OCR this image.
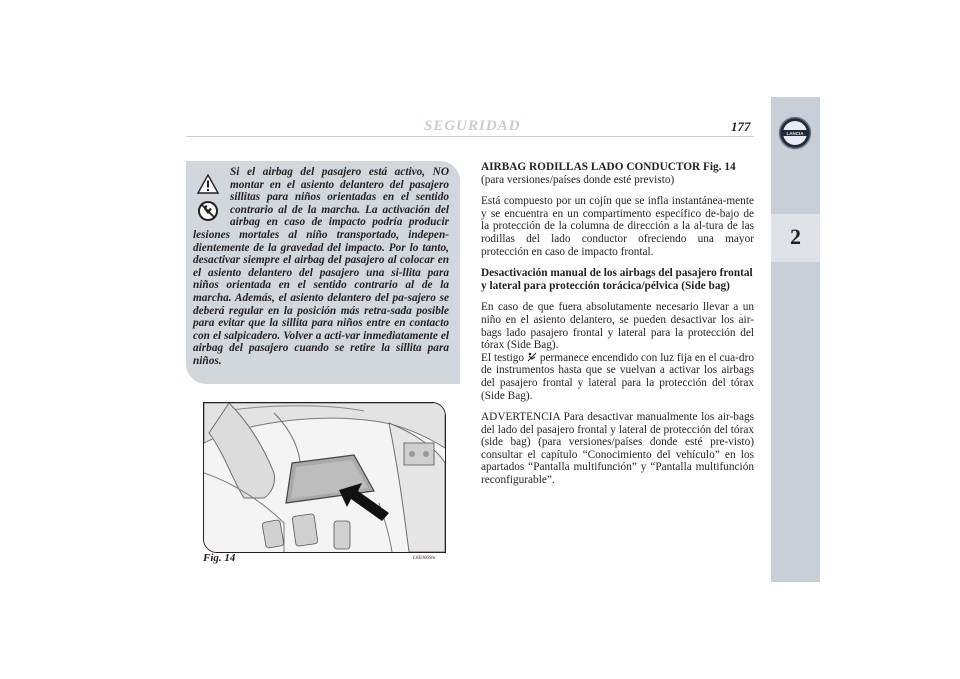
SEGURIDAD	177	LANCIA
2

Si el airbag del pasajero está activo, NO montar en el asiento delantero del pasajero sillitas para niños orientadas en el sentido contrario al de la marcha. La activación del airbag en caso de impacto podría producir lesiones mortales al niño transportado, indepen-dientemente de la gravedad del impacto. Por lo tanto, desactivar siempre el airbag del pasajero al colocar en el asiento delantero del pasajero una si-llita para niños orientada en el sentido contrario al de la marcha. Además, el asiento delantero del pa-sajero se deberá regular en la posición más retra-sada posible para evitar que la sillita para niños entre en contacto con el salpicadero. Volver a acti-var inmediatamente el airbag del pasajero cuando se retire la sillita para niños.

Fig. 14	L0E0069m
AIRBAG RODILLAS LADO CONDUCTOR Fig. 14

(para versiones/países donde esté previsto)

Está compuesto por un cojín que se infla instantánea-mente y se encuentra en un compartimento específico de-bajo de la protección de la columna de dirección a la al-tura de las rodillas del lado conductor ofreciendo una mayor protección en caso de impacto frontal.

Desactivación manual de los airbags del pasajero frontal y lateral para protección torácica/pélvica (Side bag)

En caso de que fuera absolutamente necesario llevar a un niño en el asiento delantero, se pueden desactivar los air-bags lado pasajero frontal y lateral para la protección del tórax (Side Bag).

El testigo permanece encendido con luz fija en el cua-dro de instrumentos hasta que se vuelvan a activar los airbags del pasajero frontal y lateral para la protección del tórax (Side Bag).

ADVERTENCIA Para desactivar manualmente los air-bags del lado del pasajero frontal y lateral de protección del tórax (side bag) (para versiones/países donde esté pre-visto) consultar el capítulo “Conocimiento del vehículo” en los apartados “Pantalla multifunción” y “Pantalla multifunción reconfigurable”.
